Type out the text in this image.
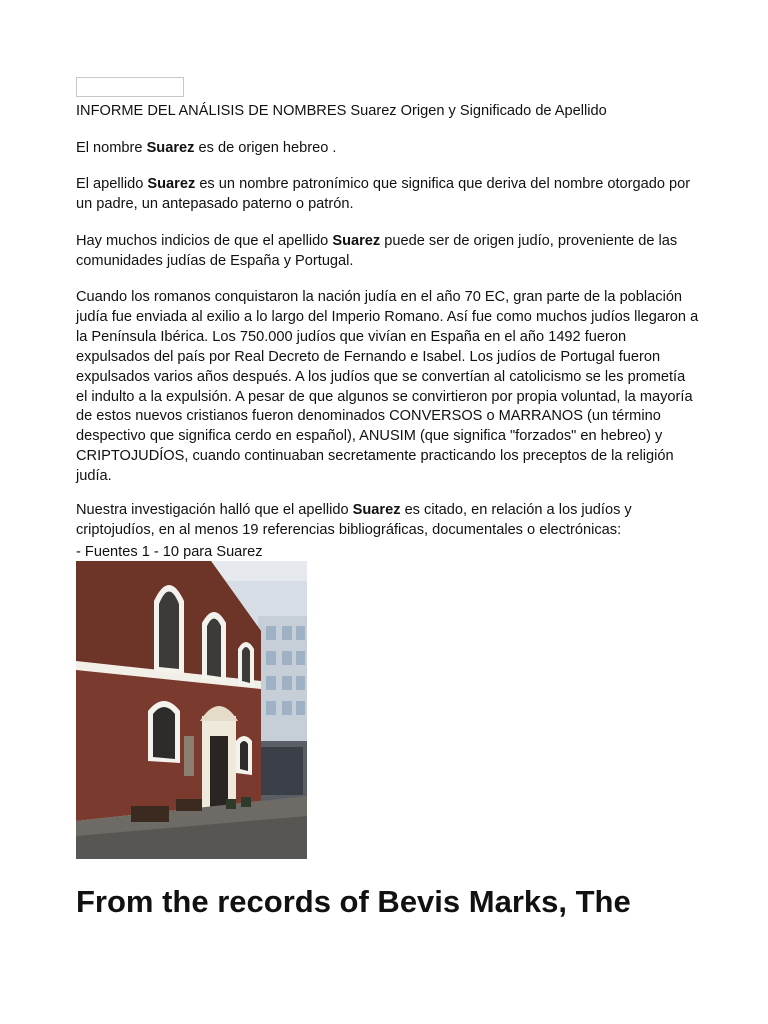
INFORME DEL ANÁLISIS DE NOMBRES Suarez Origen y Significado de Apellido

El nombre Suarez es de origen hebreo .

El apellido Suarez es un nombre patronímico que significa que deriva del nombre otorgado por un padre, un antepasado paterno o patrón.

Hay muchos indicios de que el apellido Suarez puede ser de origen judío, proveniente de las comunidades judías de España y Portugal.

Cuando los romanos conquistaron la nación judía en el año 70 EC, gran parte de la población judía fue enviada al exilio a lo largo del Imperio Romano. Así fue como muchos judíos llegaron a la Península Ibérica. Los 750.000 judíos que vivían en España en el año 1492 fueron expulsados del país por Real Decreto de Fernando e Isabel. Los judíos de Portugal fueron expulsados varios años después. A los judíos que se convertían al catolicismo se les prometía el indulto a la expulsión. A pesar de que algunos se convirtieron por propia voluntad, la mayoría de estos nuevos cristianos fueron denominados CONVERSOS o MARRANOS (un término despectivo que significa cerdo en español), ANUSIM (que significa "forzados" en hebreo) y CRIPTOJUDÍOS, cuando continuaban secretamente practicando los preceptos de la religión judía.

Nuestra investigación halló que el apellido Suarez es citado, en relación a los judíos y criptojudíos, en al menos 19 referencias bibliográficas, documentales o electrónicas:

- Fuentes 1 - 10 para Suarez

From the records of Bevis Marks, The
